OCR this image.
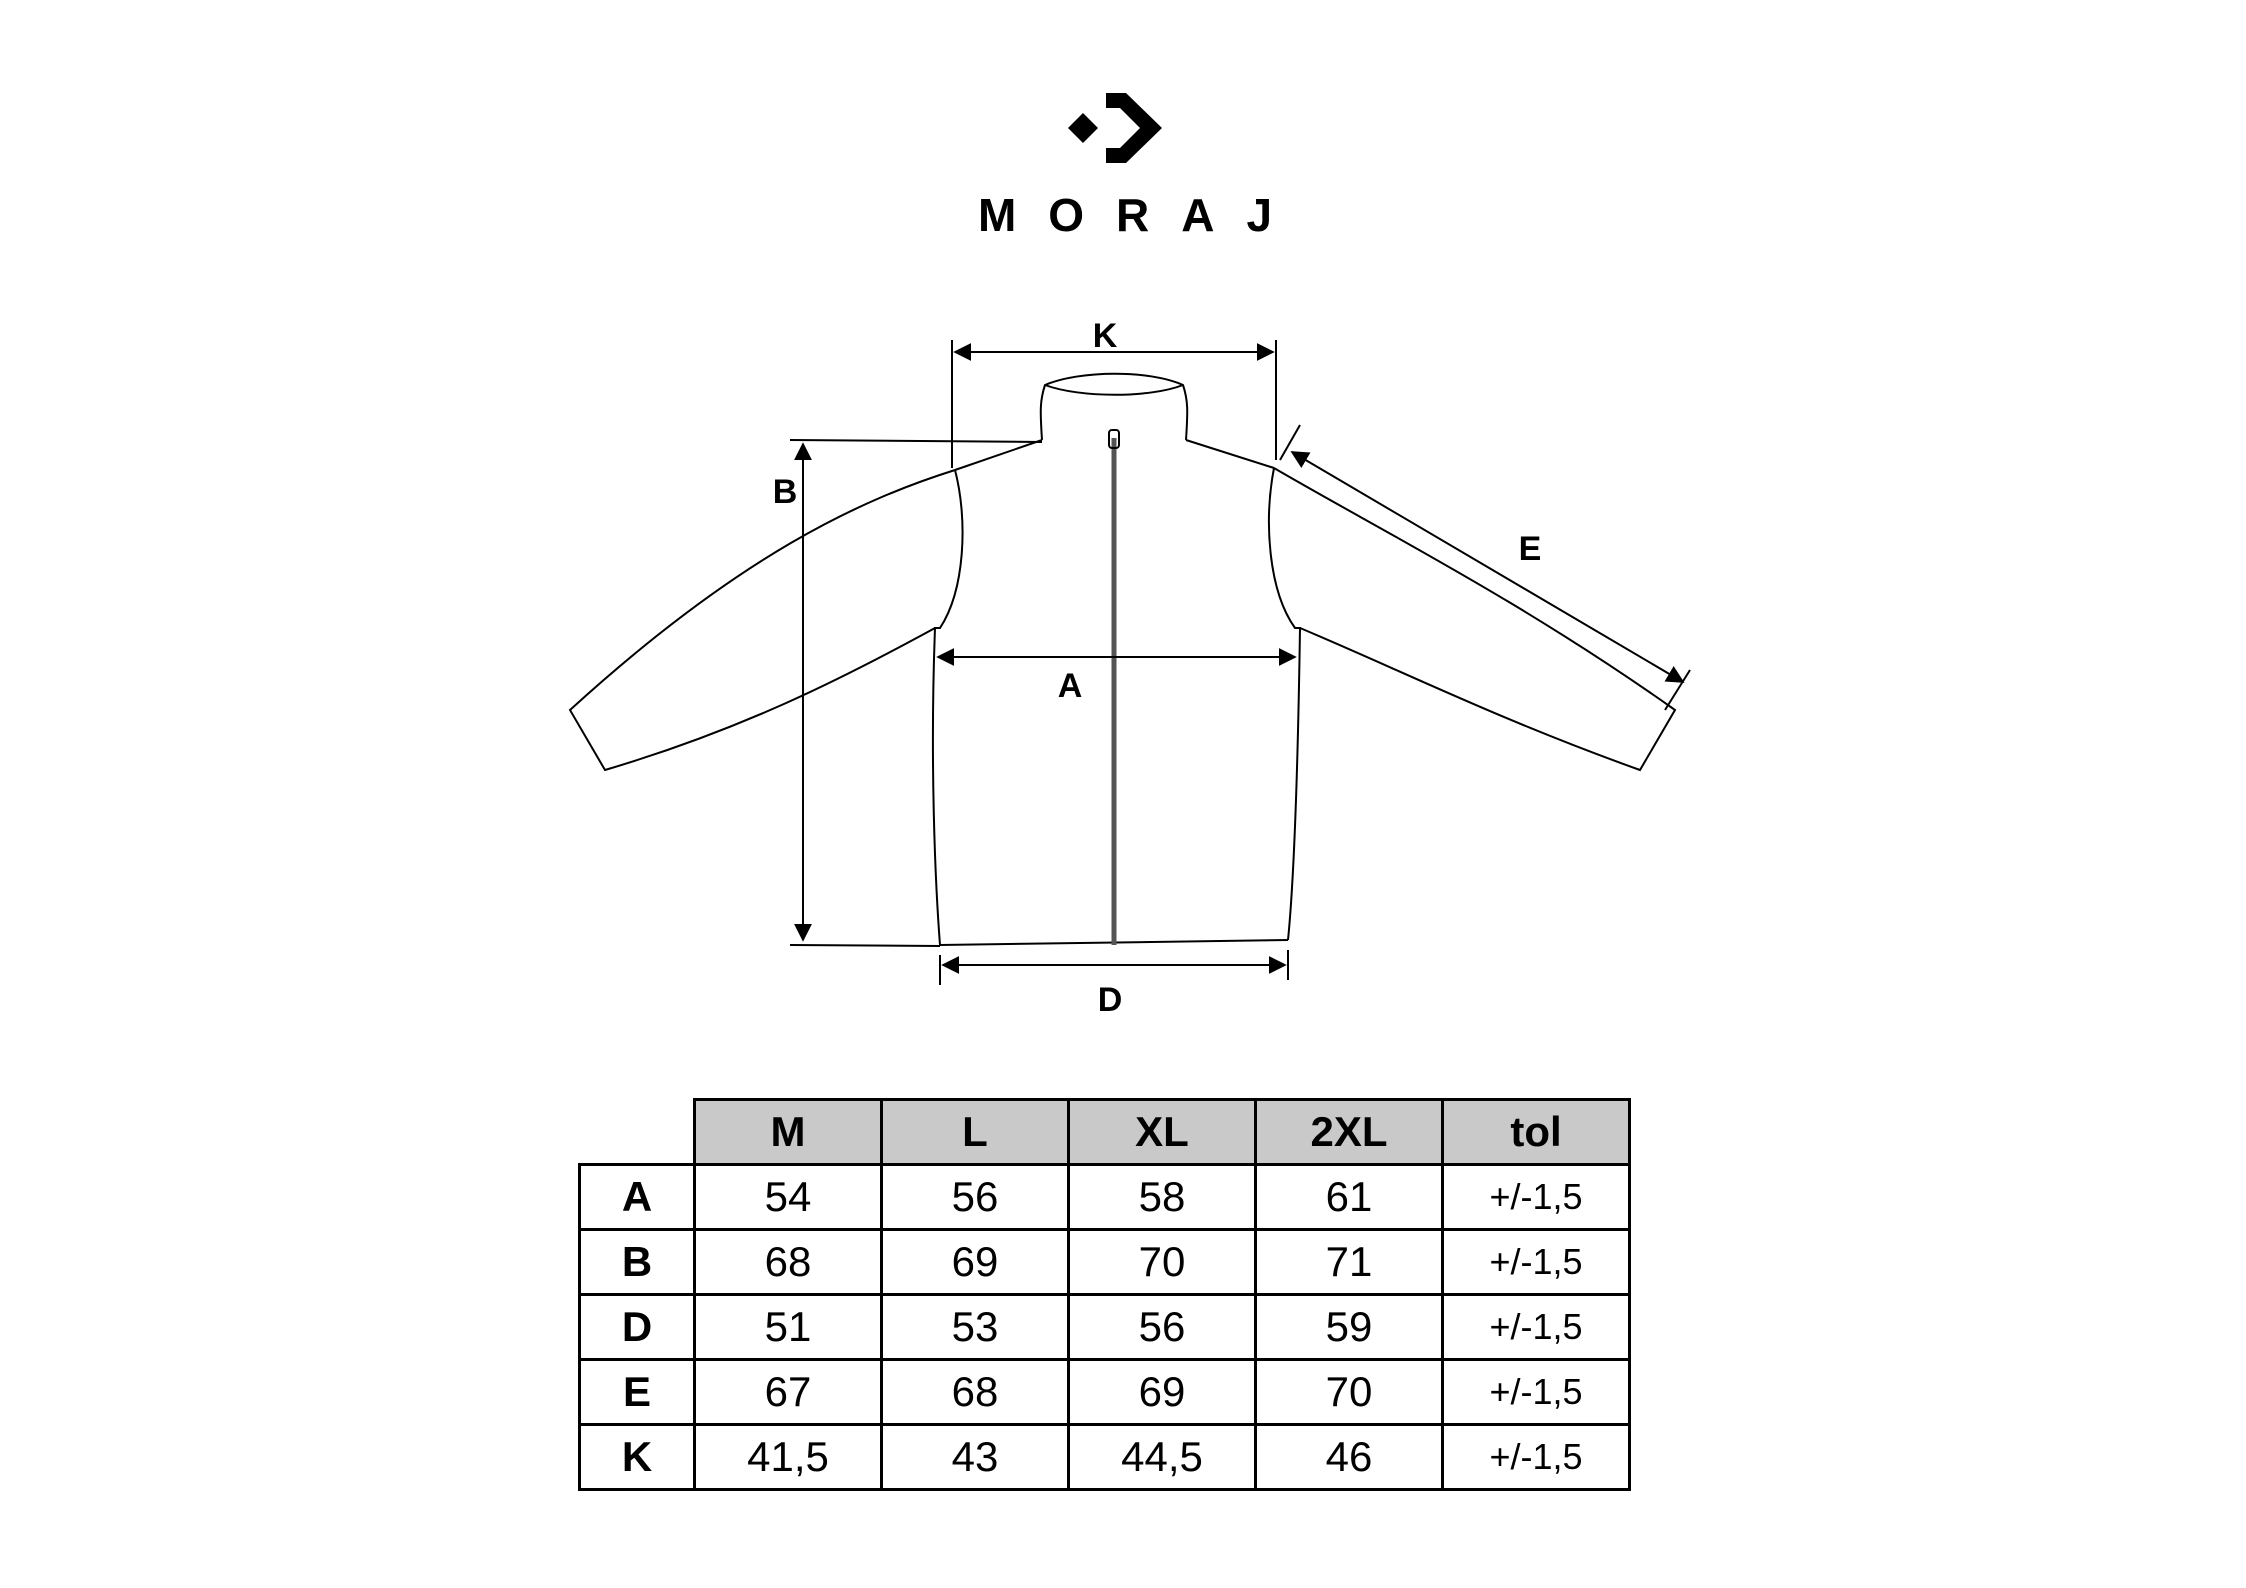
MORAJ
K
B
E
A
D
	M	L	XL	2XL	tol
A	54	56	58	61	+/-1,5
B	68	69	70	71	+/-1,5
D	51	53	56	59	+/-1,5
E	67	68	69	70	+/-1,5
K	41,5	43	44,5	46	+/-1,5
